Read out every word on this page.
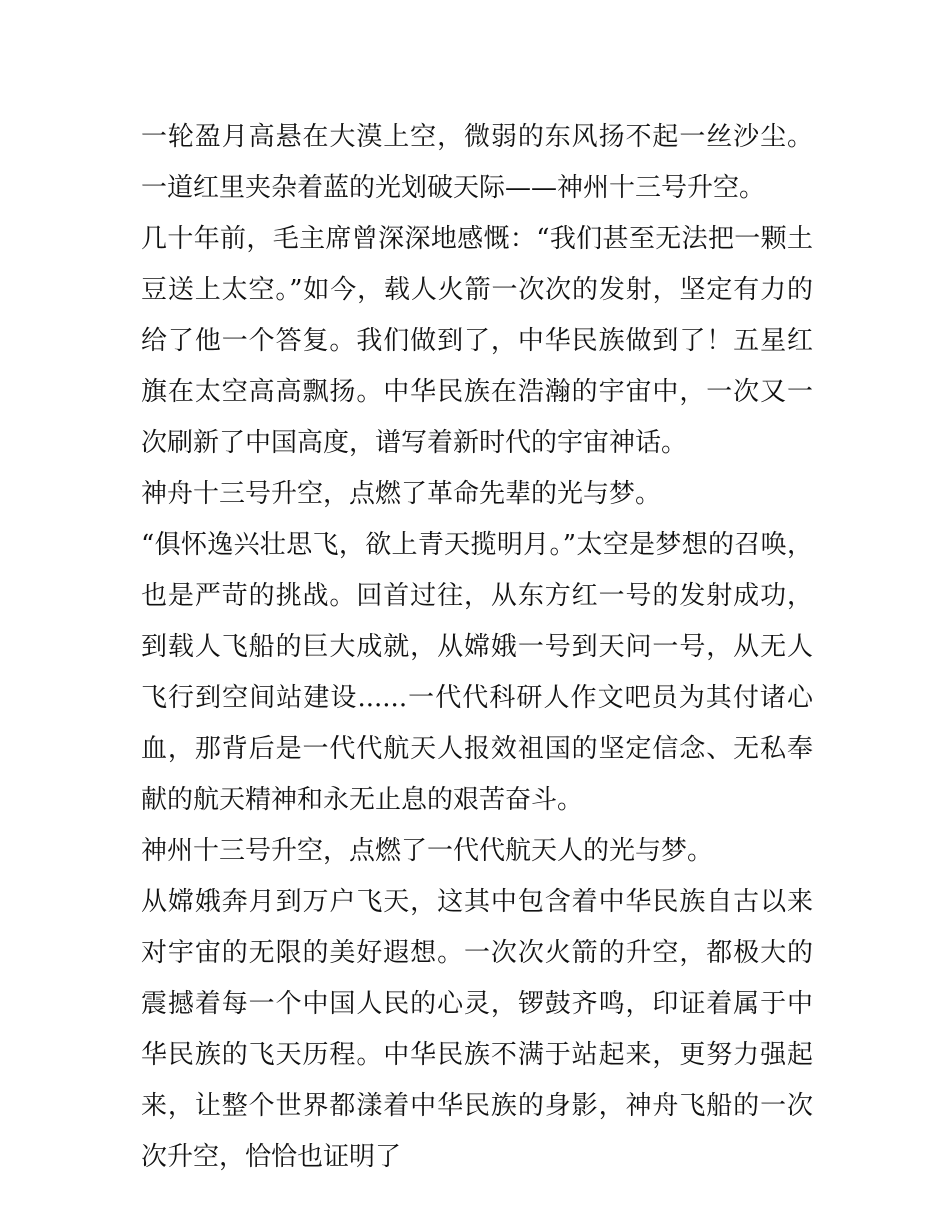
一轮盈月高悬在大漠上空，微弱的东风扬不起一丝沙尘。一道红里夹杂着蓝的光划破天际——神州十三号升空。

几十年前，毛主席曾深深地感慨：“我们甚至无法把一颗土豆送上太空。”如今，载人火箭一次次的发射，坚定有力的给了他一个答复。我们做到了，中华民族做到了！五星红旗在太空高高飘扬。中华民族在浩瀚的宇宙中，一次又一次刷新了中国高度，谱写着新时代的宇宙神话。

神舟十三号升空，点燃了革命先辈的光与梦。

“俱怀逸兴壮思飞，欲上青天揽明月。”太空是梦想的召唤，也是严苛的挑战。回首过往，从东方红一号的发射成功，到载人飞船的巨大成就，从嫦娥一号到天问一号，从无人飞行到空间站建设......一代代科研人作文吧员为其付诸心血，那背后是一代代航天人报效祖国的坚定信念、无私奉献的航天精神和永无止息的艰苦奋斗。

神州十三号升空，点燃了一代代航天人的光与梦。

从嫦娥奔月到万户飞天，这其中包含着中华民族自古以来对宇宙的无限的美好遐想。一次次火箭的升空，都极大的震撼着每一个中国人民的心灵，锣鼓齐鸣，印证着属于中华民族的飞天历程。中华民族不满于站起来，更努力强起来，让整个世界都漾着中华民族的身影，神舟飞船的一次次升空，恰恰也证明了
